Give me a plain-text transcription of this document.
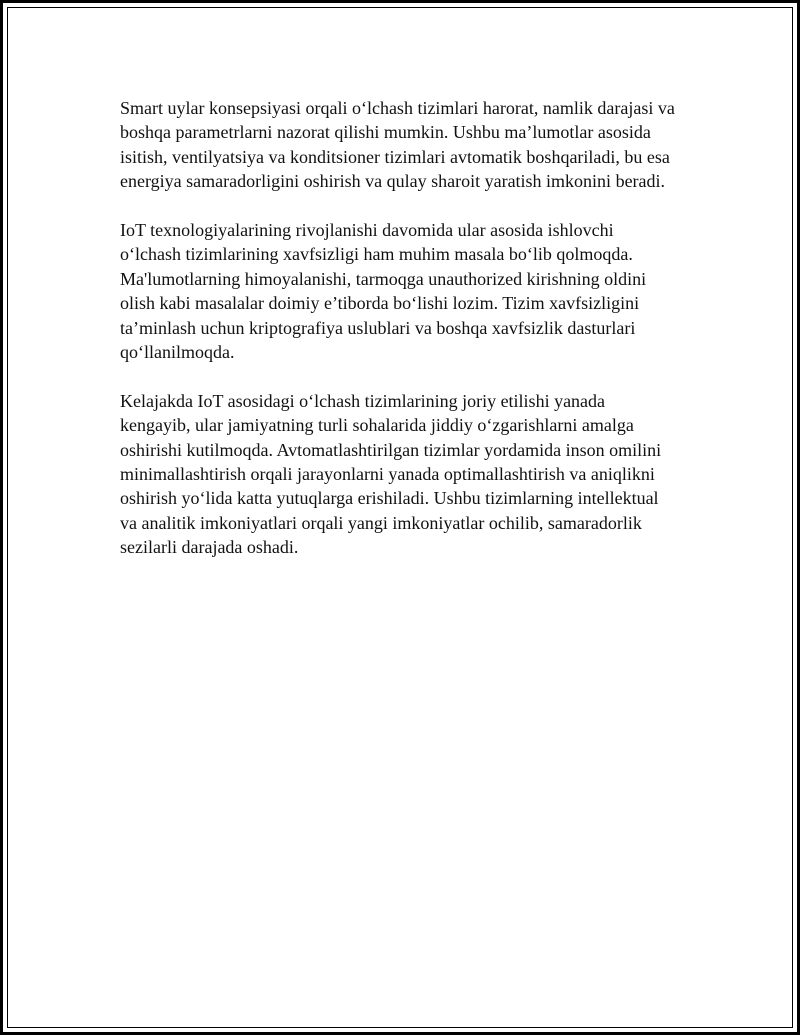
Smart uylar konsepsiyasi orqali o‘lchash tizimlari harorat, namlik darajasi va
boshqa parametrlarni nazorat qilishi mumkin. Ushbu ma’lumotlar asosida
isitish, ventilyatsiya va konditsioner tizimlari avtomatik boshqariladi, bu esa
energiya samaradorligini oshirish va qulay sharoit yaratish imkonini beradi.

IoT texnologiyalarining rivojlanishi davomida ular asosida ishlovchi
o‘lchash tizimlarining xavfsizligi ham muhim masala bo‘lib qolmoqda.
Ma'lumotlarning himoyalanishi, tarmoqga unauthorized kirishning oldini
olish kabi masalalar doimiy e’tiborda bo‘lishi lozim. Tizim xavfsizligini
ta’minlash uchun kriptografiya uslublari va boshqa xavfsizlik dasturlari
qo‘llanilmoqda.

Kelajakda IoT asosidagi o‘lchash tizimlarining joriy etilishi yanada
kengayib, ular jamiyatning turli sohalarida jiddiy o‘zgarishlarni amalga
oshirishi kutilmoqda. Avtomatlashtirilgan tizimlar yordamida inson omilini
minimallashtirish orqali jarayonlarni yanada optimallashtirish va aniqlikni
oshirish yo‘lida katta yutuqlarga erishiladi. Ushbu tizimlarning intellektual
va analitik imkoniyatlari orqali yangi imkoniyatlar ochilib, samaradorlik
sezilarli darajada oshadi.
